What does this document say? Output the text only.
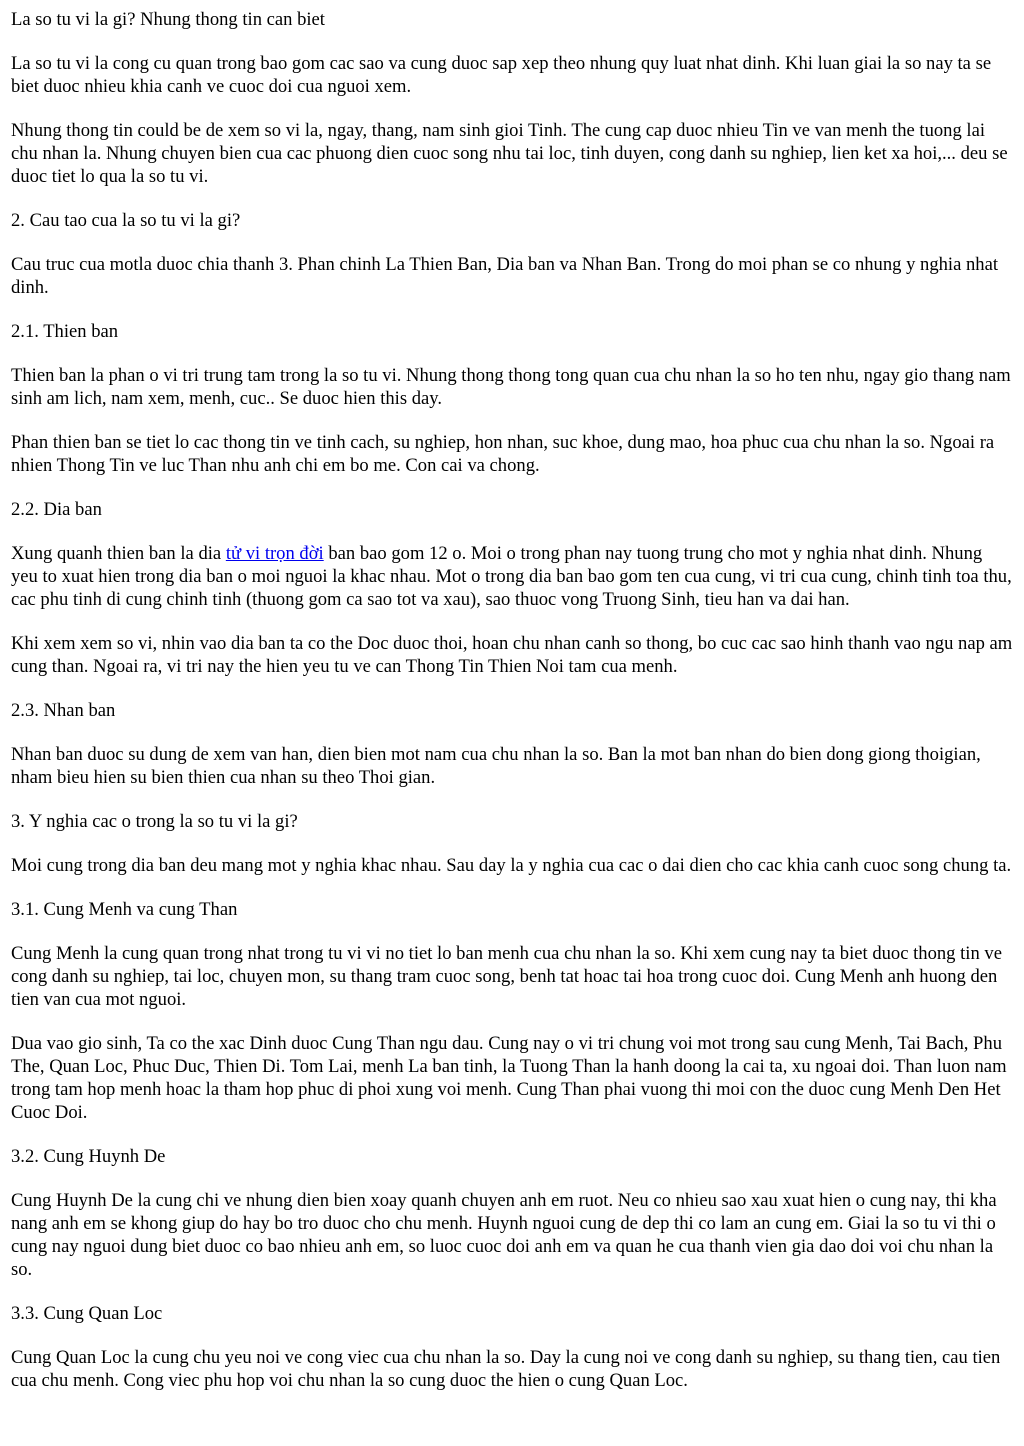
La so tu vi la gi? Nhung thong tin can biet

La so tu vi la cong cu quan trong bao gom cac sao va cung duoc sap xep theo nhung quy luat nhat dinh. Khi luan giai la so nay ta se biet duoc nhieu khia canh ve cuoc doi cua nguoi xem.

Nhung thong tin could be de xem so vi la, ngay, thang, nam sinh gioi Tinh. The cung cap duoc nhieu Tin ve van menh the tuong lai chu nhan la. Nhung chuyen bien cua cac phuong dien cuoc song nhu tai loc, tinh duyen, cong danh su nghiep, lien ket xa hoi,... deu se duoc tiet lo qua la so tu vi.

2. Cau tao cua la so tu vi la gi?

Cau truc cua motla duoc chia thanh 3. Phan chinh La Thien Ban, Dia ban va Nhan Ban. Trong do moi phan se co nhung y nghia nhat dinh.

2.1. Thien ban

Thien ban la phan o vi tri trung tam trong la so tu vi. Nhung thong thong tong quan cua chu nhan la so ho ten nhu, ngay gio thang nam sinh am lich, nam xem, menh, cuc.. Se duoc hien this day.

Phan thien ban se tiet lo cac thong tin ve tinh cach, su nghiep, hon nhan, suc khoe, dung mao, hoa phuc cua chu nhan la so. Ngoai ra nhien Thong Tin ve luc Than nhu anh chi em bo me. Con cai va chong.

2.2. Dia ban

Xung quanh thien ban la dia tử vi trọn đời ban bao gom 12 o. Moi o trong phan nay tuong trung cho mot y nghia nhat dinh. Nhung yeu to xuat hien trong dia ban o moi nguoi la khac nhau. Mot o trong dia ban bao gom ten cua cung, vi tri cua cung, chinh tinh toa thu, cac phu tinh di cung chinh tinh (thuong gom ca sao tot va xau), sao thuoc vong Truong Sinh, tieu han va dai han.

Khi xem xem so vi, nhin vao dia ban ta co the Doc duoc thoi, hoan chu nhan canh so thong, bo cuc cac sao hinh thanh vao ngu nap am cung than. Ngoai ra, vi tri nay the hien yeu tu ve can Thong Tin Thien Noi tam cua menh.

2.3. Nhan ban

Nhan ban duoc su dung de xem van han, dien bien mot nam cua chu nhan la so. Ban la mot ban nhan do bien dong giong thoigian, nham bieu hien su bien thien cua nhan su theo Thoi gian.

3. Y nghia cac o trong la so tu vi la gi?

Moi cung trong dia ban deu mang mot y nghia khac nhau. Sau day la y nghia cua cac o dai dien cho cac khia canh cuoc song chung ta.

3.1. Cung Menh va cung Than

Cung Menh la cung quan trong nhat trong tu vi vi no tiet lo ban menh cua chu nhan la so. Khi xem cung nay ta biet duoc thong tin ve cong danh su nghiep, tai loc, chuyen mon, su thang tram cuoc song, benh tat hoac tai hoa trong cuoc doi. Cung Menh anh huong den tien van cua mot nguoi.

Dua vao gio sinh, Ta co the xac Dinh duoc Cung Than ngu dau. Cung nay o vi tri chung voi mot trong sau cung Menh, Tai Bach, Phu The, Quan Loc, Phuc Duc, Thien Di. Tom Lai, menh La ban tinh, la Tuong Than la hanh doong la cai ta, xu ngoai doi. Than luon nam trong tam hop menh hoac la tham hop phuc di phoi xung voi menh. Cung Than phai vuong thi moi con the duoc cung Menh Den Het Cuoc Doi.

3.2. Cung Huynh De

Cung Huynh De la cung chi ve nhung dien bien xoay quanh chuyen anh em ruot. Neu co nhieu sao xau xuat hien o cung nay, thi kha nang anh em se khong giup do hay bo tro duoc cho chu menh. Huynh nguoi cung de dep thi co lam an cung em. Giai la so tu vi thi o cung nay nguoi dung biet duoc co bao nhieu anh em, so luoc cuoc doi anh em va quan he cua thanh vien gia dao doi voi chu nhan la so.

3.3. Cung Quan Loc

Cung Quan Loc la cung chu yeu noi ve cong viec cua chu nhan la so. Day la cung noi ve cong danh su nghiep, su thang tien, cau tien cua chu menh. Cong viec phu hop voi chu nhan la so cung duoc the hien o cung Quan Loc.
